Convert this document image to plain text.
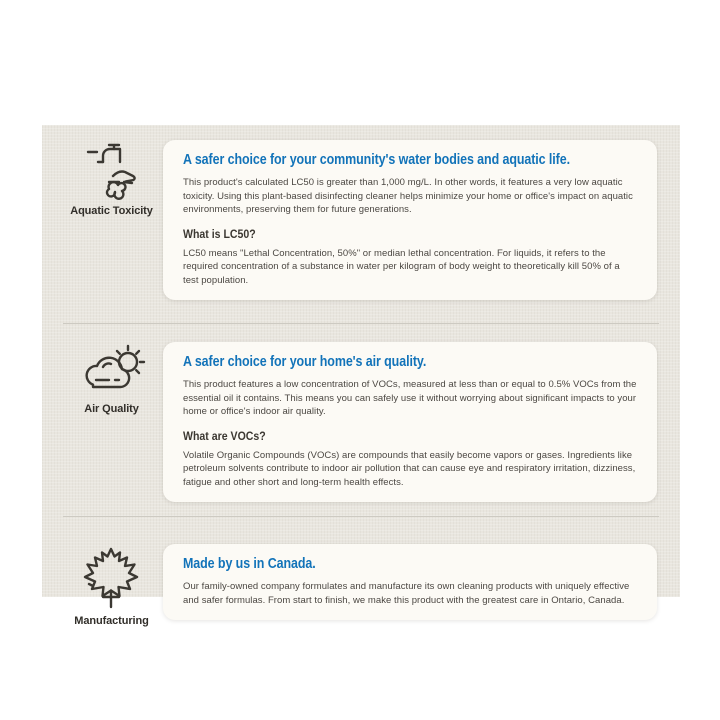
Aquatic Toxicity
A safer choice for your community's water bodies and aquatic life.

This product's calculated LC50 is greater than 1,000 mg/L. In other words, it features a very low aquatic toxicity. Using this plant-based disinfecting cleaner helps minimize your home or office's impact on aquatic environments, preserving them for future generations.

What is LC50?

LC50 means "Lethal Concentration, 50%" or median lethal concentration. For liquids, it refers to the required concentration of a substance in water per kilogram of body weight to theoretically kill 50% of a test population.

Air Quality
A safer choice for your home's air quality.

This product features a low concentration of VOCs, measured at less than or equal to 0.5% VOCs from the essential oil it contains. This means you can safely use it without worrying about significant impacts to your home or office's indoor air quality.

What are VOCs?

Volatile Organic Compounds (VOCs) are compounds that easily become vapors or gases. Ingredients like petroleum solvents contribute to indoor air pollution that can cause eye and respiratory irritation, dizziness, fatigue and other short and long-term health effects.

Manufacturing
Made by us in Canada.

Our family-owned company formulates and manufacture its own cleaning products with uniquely effective and safer formulas. From start to finish, we make this product with the greatest care in Ontario, Canada.
